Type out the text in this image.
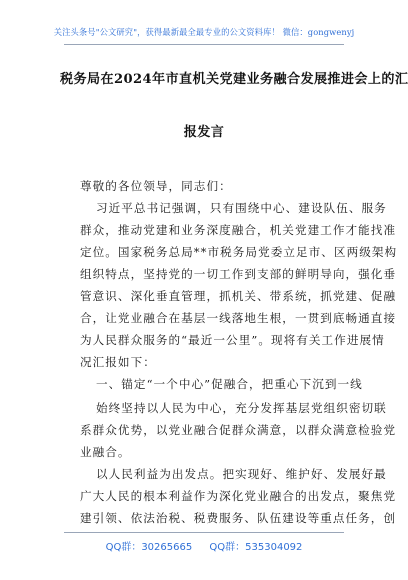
关注头条号"公文研究"，获得最新最全最专业的公文资料库！ 微信：gongwenyj
税务局在2024年市直机关党建业务融合发展推进会上的汇
报发言
尊敬的各位领导，同志们：
习近平总书记强调，只有围绕中心、建设队伍、服务
群众，推动党建和业务深度融合，机关党建工作才能找准
定位。国家税务总局**市税务局党委立足市、区两级架构
组织特点，坚持党的一切工作到支部的鲜明导向，强化垂
管意识、深化垂直管理，抓机关、带系统，抓党建、促融
合，让党业融合在基层一线落地生根，一贯到底畅通直接
为人民群众服务的“最近一公里”。现将有关工作进展情
况汇报如下：
一、锚定“一个中心”促融合，把重心下沉到一线
始终坚持以人民为中心，充分发挥基层党组织密切联
系群众优势，以党业融合促群众满意，以群众满意检验党
业融合。
以人民利益为出发点。把实现好、维护好、发展好最
广大人民的根本利益作为深化党业融合的出发点，聚焦党
建引领、依法治税、税费服务、队伍建设等重点任务，创
QQ群：30265665 QQ群：535304092
